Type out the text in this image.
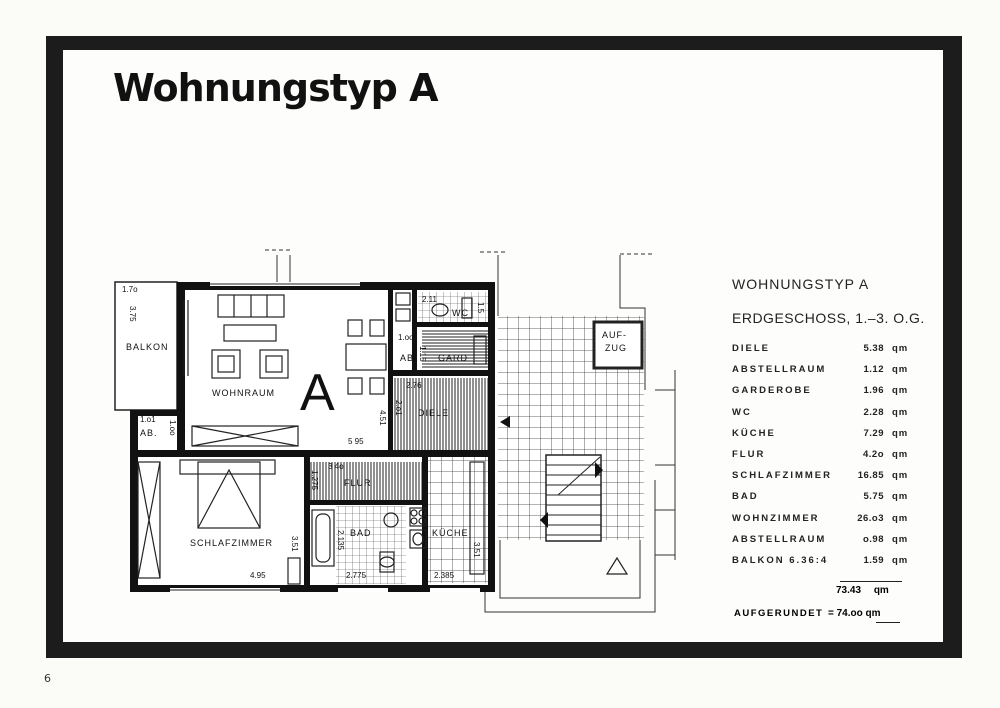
Wohnungstyp A
BALKON
WOHNRAUM
AB.
AB	GARD
WC
DIELE
FLUR
SCHLAFZIMMER
BAD	KÜCHE
AUF-
ZUG
A
1.7o
3.75
1.o1
1.oo
5 95
4.51
2.11
1.5
1.oo
1.15
2.76
2.o1
3 4o
1.275
4.95
3.51	2.135
2.775	2.385
3.51
WOHNUNGSTYP A
ERDGESCHOSS, 1.–3. O.G.
DIELE	5.38 qm
ABSTELLRAUM	1.12 qm
GARDEROBE	1.96 qm
WC	2.28 qm
KÜCHE	7.29 qm
FLUR	4.2o qm
SCHLAFZIMMER	16.85 qm
BAD	5.75 qm
WOHNZIMMER	26.o3 qm
ABSTELLRAUM	o.98 qm
BALKON 6.36:4	1.59 qm
73.43 qm
AUFGERUNDET = 74.oo qm
6
